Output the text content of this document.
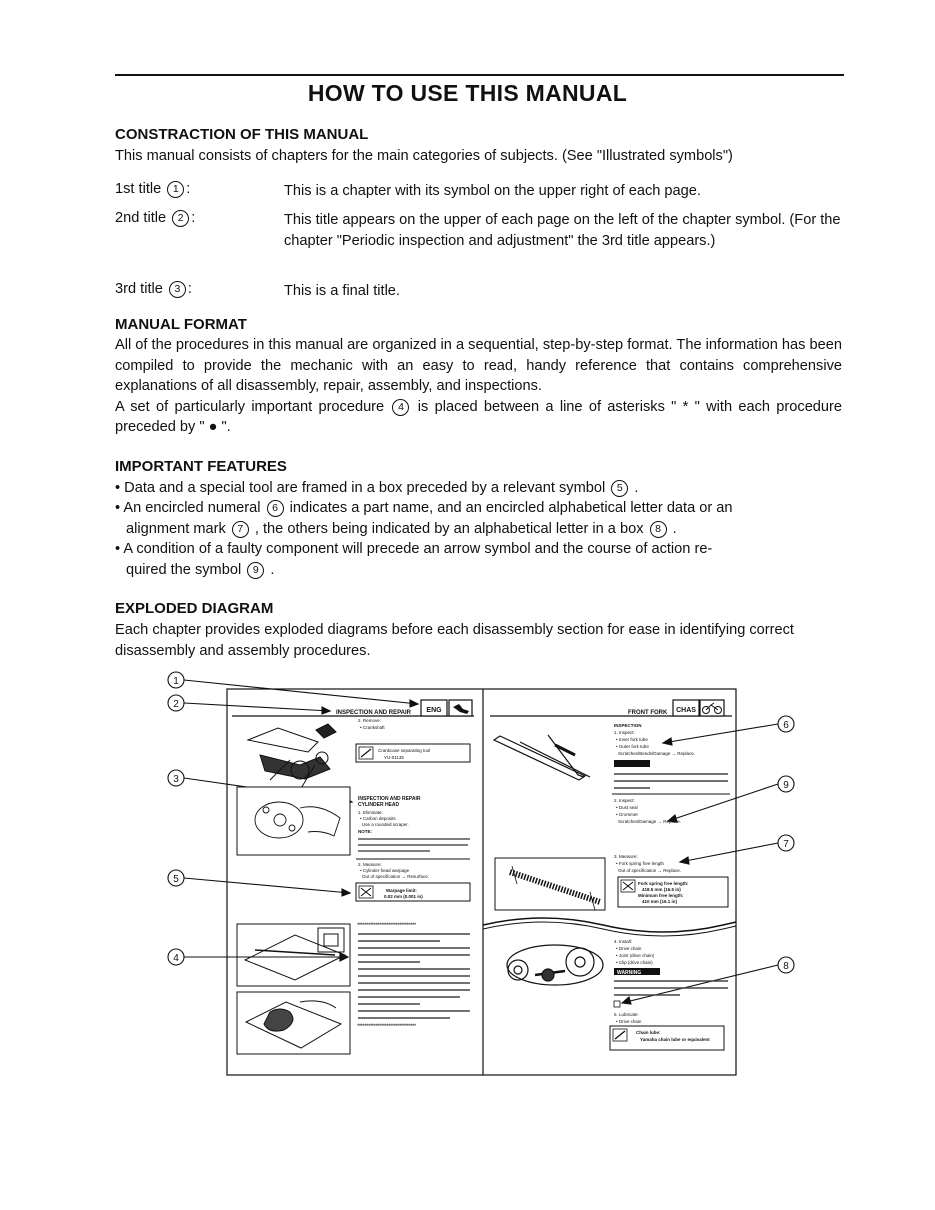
HOW TO USE THIS MANUAL
CONSTRACTION OF THIS MANUAL
This manual consists of chapters for the main categories of subjects. (See "Illustrated symbols")
1st title 1 :	This is a chapter with its symbol on the upper right of each page.
2nd title 2 :	This title appears on the upper of each page on the left of the chapter symbol. (For the chapter "Periodic inspection and adjustment" the 3rd title appears.)
3rd title 3 :	This is a final title.
MANUAL FORMAT
All of the procedures in this manual are organized in a sequential, step-by-step format. The information has been compiled to provide the mechanic with an easy to read, handy reference that contains comprehensive explanations of all disassembly, repair, assembly, and inspections.
A set of particularly important procedure 4 is placed between a line of asterisks " * " with each procedure preceded by " ● ".
IMPORTANT FEATURES
• Data and a special tool are framed in a box preceded by a relevant symbol 5 .
• An encircled numeral 6 indicates a part name, and an encircled alphabetical letter data or an
alignment mark 7 , the others being indicated by an alphabetical letter in a box 8 .
• A condition of a faulty component will precede an arrow symbol and the course of action re-
quired the symbol 9 .
EXPLODED DIAGRAM
Each chapter provides exploded diagrams before each disassembly section for ease in identifying correct disassembly and assembly procedures.
1
2
3
5
4
6
9
7
8
INSPECTION AND REPAIR ENG	FRONT FORK CHAS
2. Remove:
• Crankshaft
Crankcase separating tool
YU-01135
INSPECTION AND REPAIR
CYLINDER HEAD
1. Eliminate:
• Carbon deposits
Use a rounded scraper.
NOTE:
2. Measure:
• Cylinder head warpage
Out of specification → Resurface.
Warpage limit:
0.02 mm (0.001 in)
********************************
********************************
INSPECTION
1. Inspect:
• Inner fork tube
• Outer fork tube
Scratches/Bends/Damage → Replace.
2. Inspect:
• Dust seal
• Grommet
Scratches/Damage → Replace.
3. Measure:
• Fork spring free length
Out of specification → Replace.
Fork spring free length:
418.5 mm (16.5 in)
Minimum free length:
410 mm (16.1 in)
4. Install:
• Drive chain
• Joint (drive chain)
• Clip (drive chain)
WARNING
5. Lubricate:
• Drive chain
Chain lube:
Yamaha chain lube or equivalent
